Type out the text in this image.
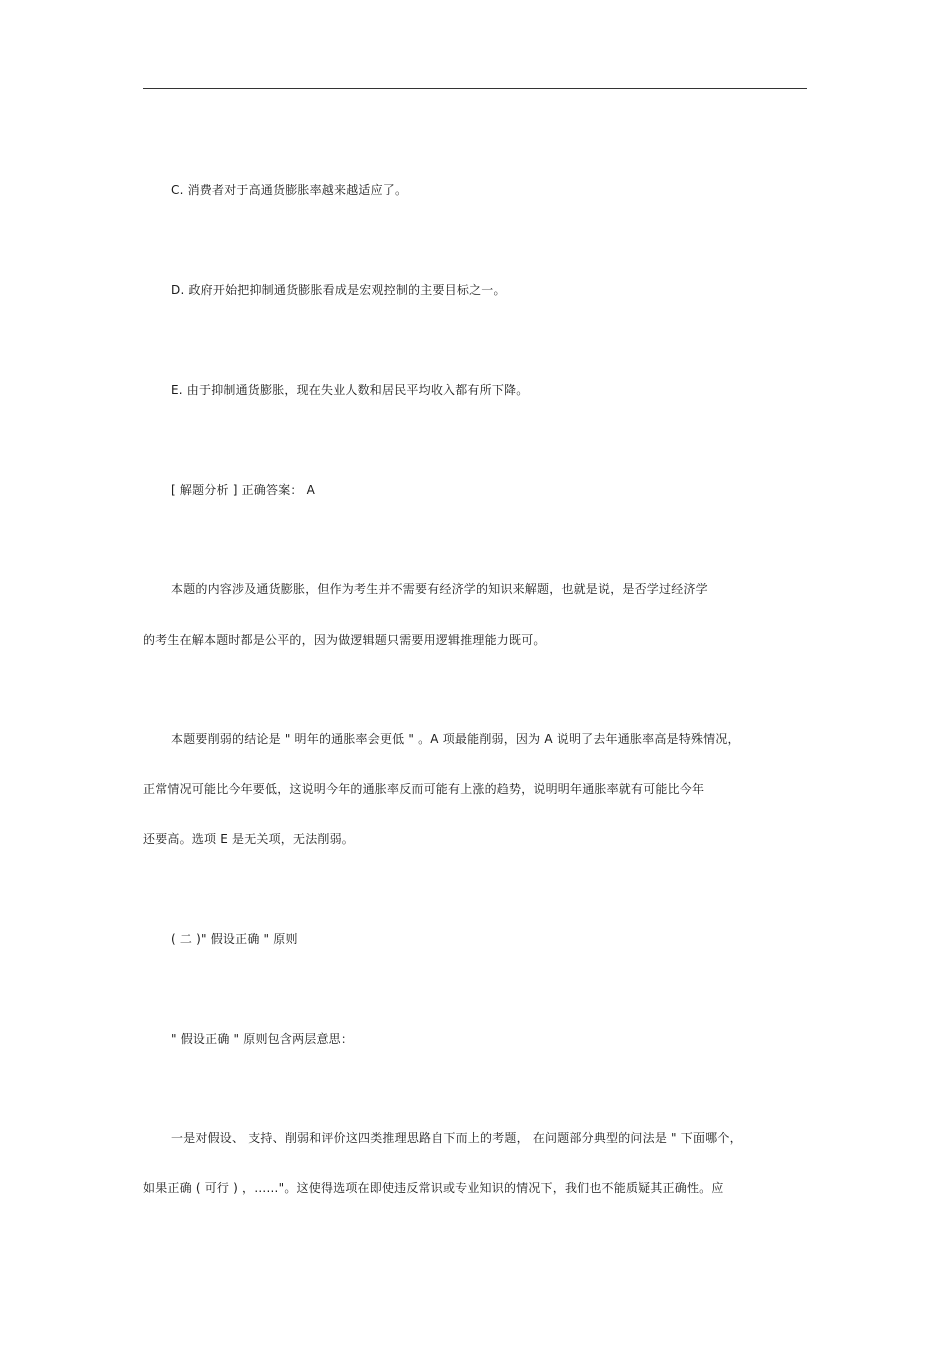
C. 消费者对于高通货膨胀率越来越适应了。
D. 政府开始把抑制通货膨胀看成是宏观控制的主要目标之一。
E. 由于抑制通货膨胀，现在失业人数和居民平均收入都有所下降。
[ 解题分析 ] 正确答案： A
本题的内容涉及通货膨胀，但作为考生并不需要有经济学的知识来解题，也就是说，是否学过经济学
的考生在解本题时都是公平的，因为做逻辑题只需要用逻辑推理能力既可。
本题要削弱的结论是 " 明年的通胀率会更低 " 。A 项最能削弱，因为 A 说明了去年通胀率高是特殊情况，
正常情况可能比今年要低，这说明今年的通胀率反而可能有上涨的趋势，说明明年通胀率就有可能比今年
还要高。选项 E 是无关项，无法削弱。
( 二 )" 假设正确 " 原则
" 假设正确 " 原则包含两层意思：
一是对假设、 支持、削弱和评价这四类推理思路自下而上的考题， 在问题部分典型的问法是 " 下面哪个，
如果正确 ( 可行 ) ，……"。这使得选项在即使违反常识或专业知识的情况下，我们也不能质疑其正确性。应
